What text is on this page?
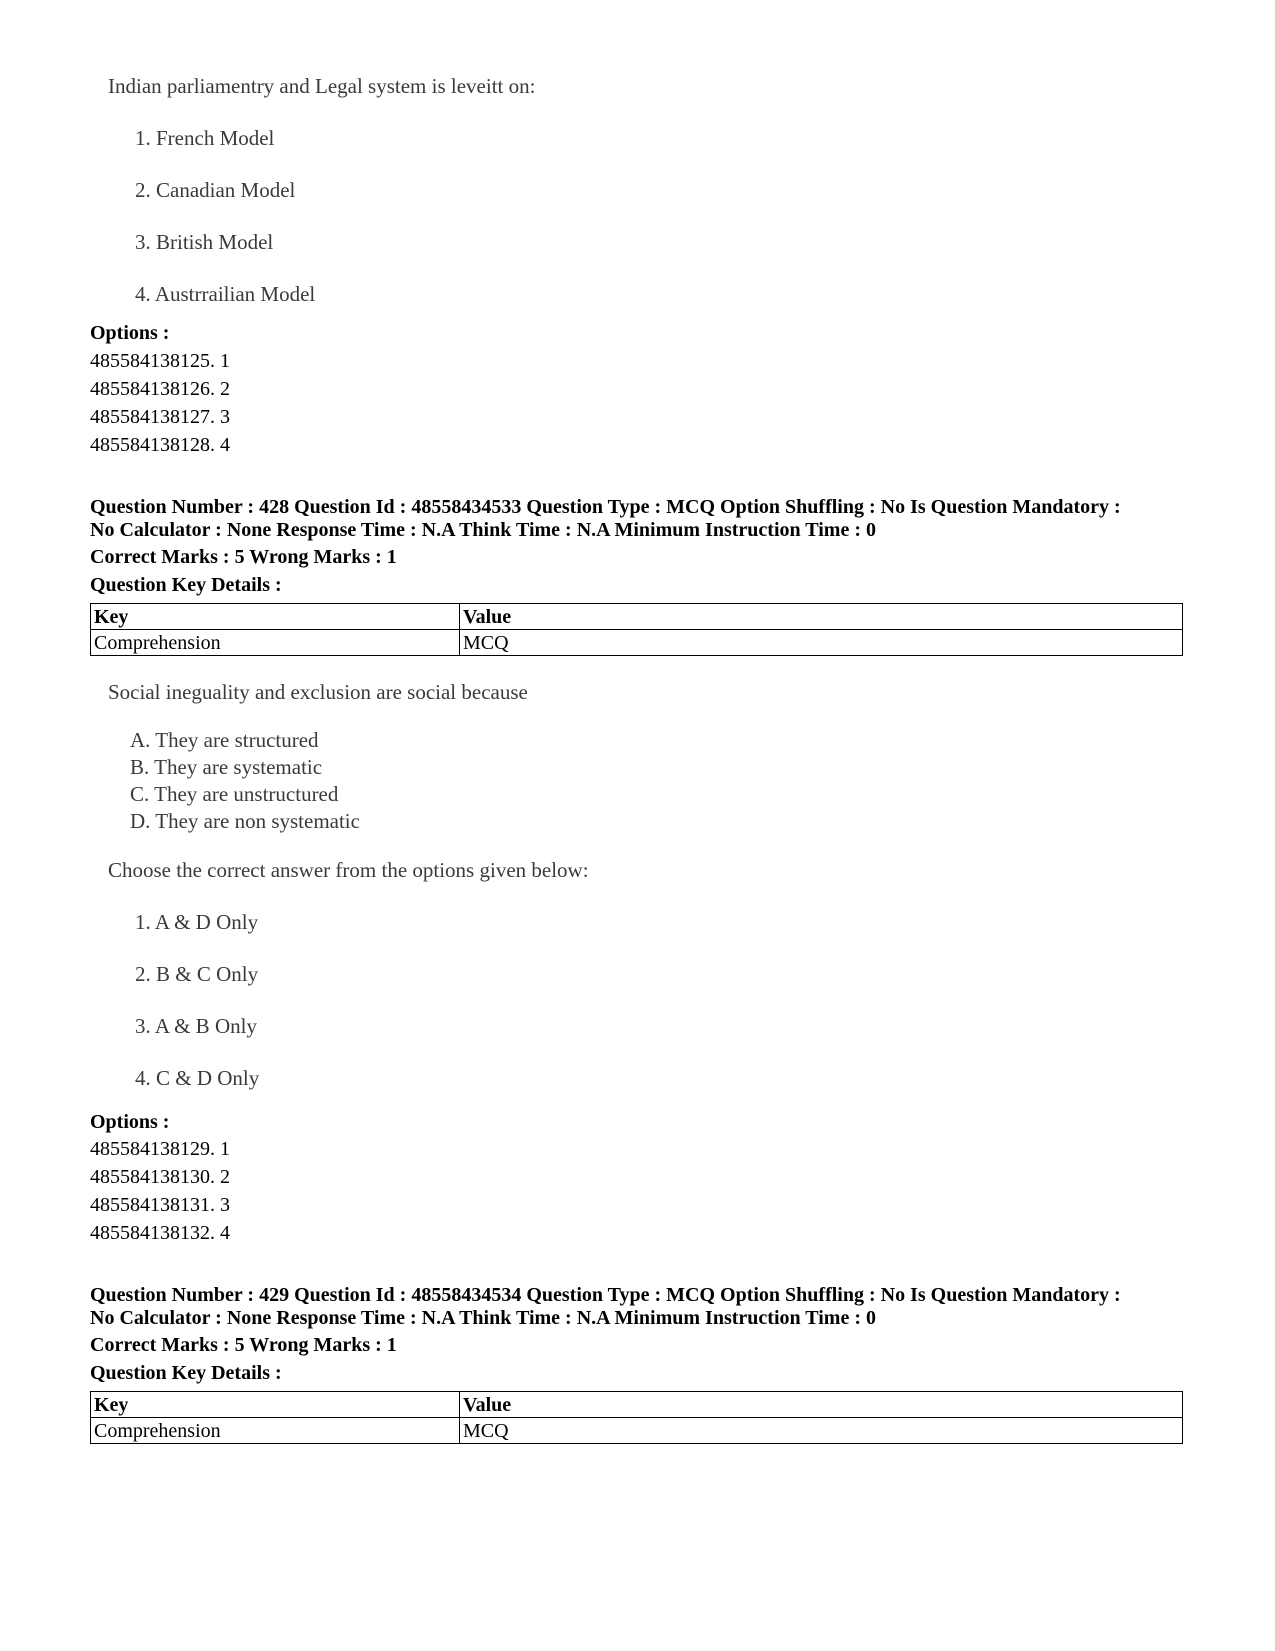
Indian parliamentry and Legal system is leveitt on:
1. French Model
2. Canadian Model
3. British Model
4. Austrrailian Model
Options :
485584138125. 1
485584138126. 2
485584138127. 3
485584138128. 4
Question Number : 428 Question Id : 48558434533 Question Type : MCQ Option Shuffling : No Is Question Mandatory :
No Calculator : None Response Time : N.A Think Time : N.A Minimum Instruction Time : 0
Correct Marks : 5 Wrong Marks : 1
Question Key Details :
Key	Value
Comprehension	MCQ
Social ineguality and exclusion are social because
A. They are structured
B. They are systematic
C. They are unstructured
D. They are non systematic
Choose the correct answer from the options given below:
1. A & D Only
2. B & C Only
3. A & B Only
4. C & D Only
Options :
485584138129. 1
485584138130. 2
485584138131. 3
485584138132. 4
Question Number : 429 Question Id : 48558434534 Question Type : MCQ Option Shuffling : No Is Question Mandatory :
No Calculator : None Response Time : N.A Think Time : N.A Minimum Instruction Time : 0
Correct Marks : 5 Wrong Marks : 1
Question Key Details :
Key	Value
Comprehension	MCQ
